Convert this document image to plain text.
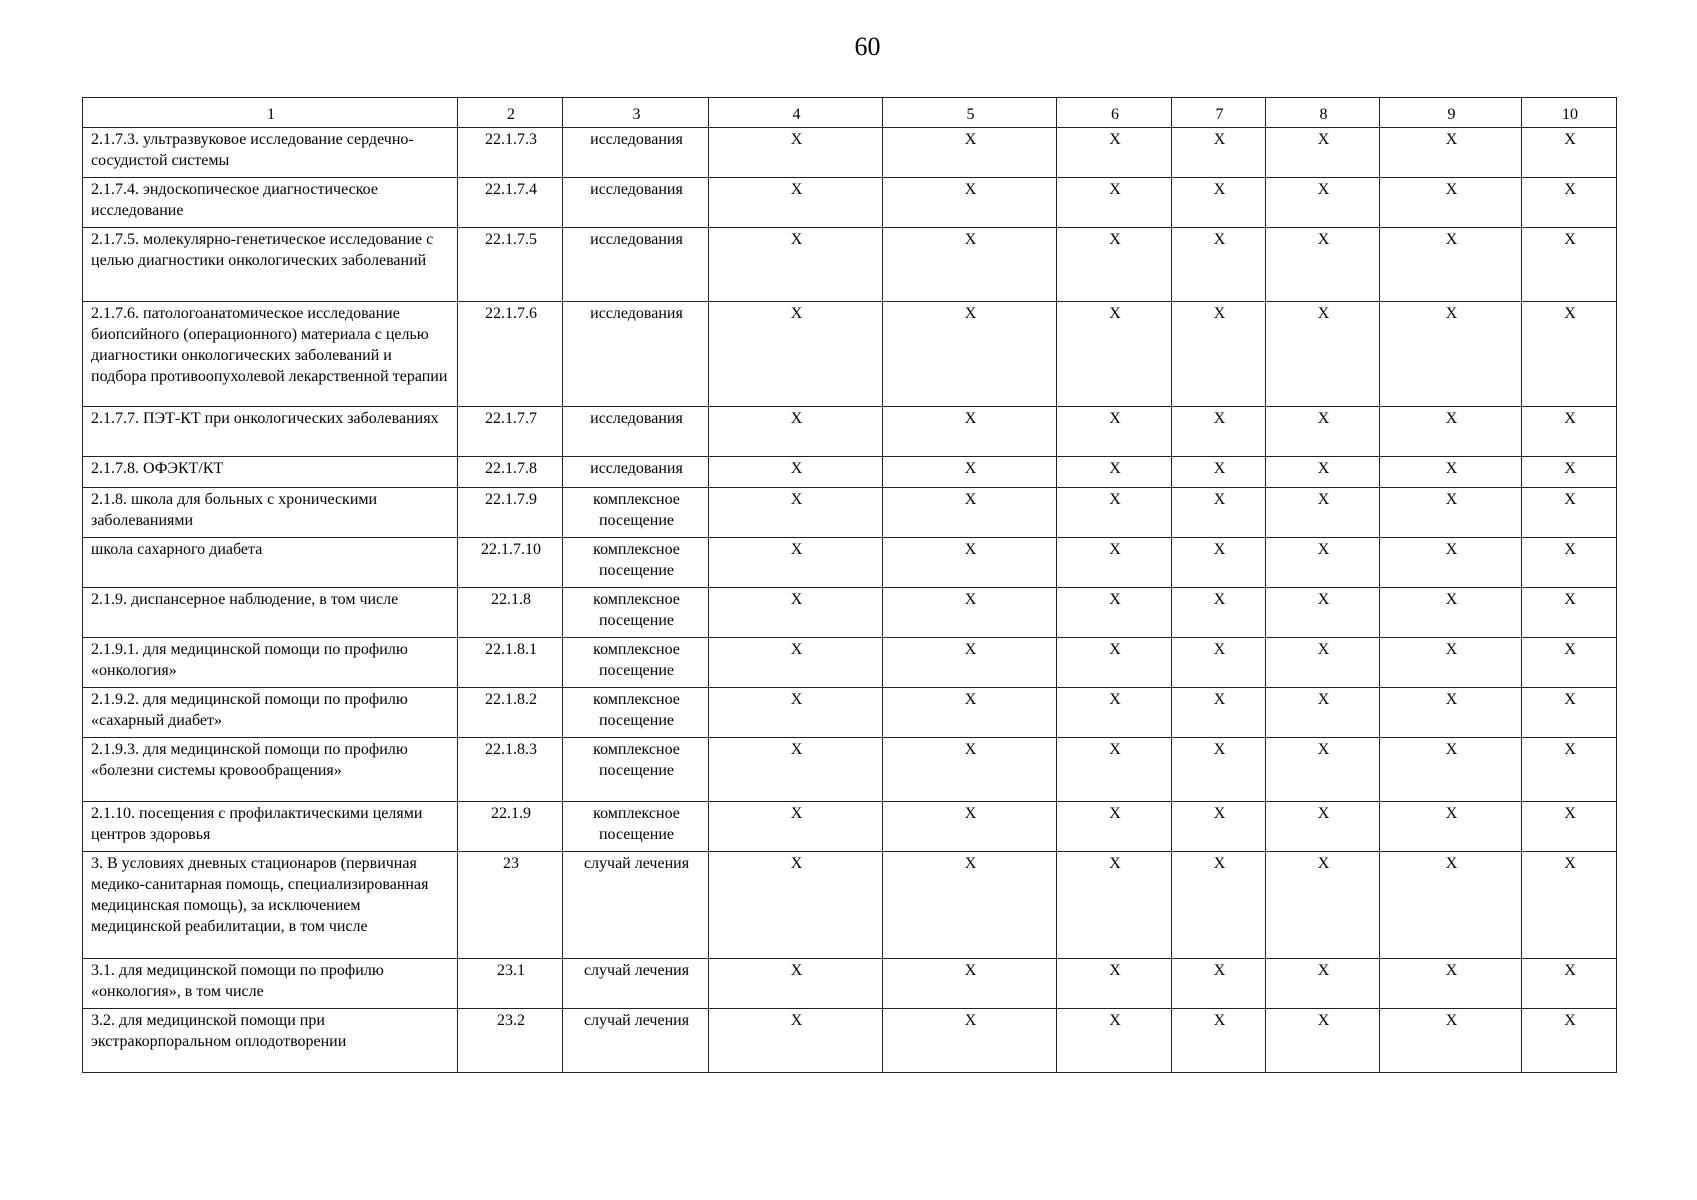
60
1	2	3	4	5	6	7	8	9	10
2.1.7.3. ультразвуковое исследование сердечно-сосудистой системы	22.1.7.3	исследования	X	X	X	X	X	X	X
2.1.7.4. эндоскопическое диагностическое исследование	22.1.7.4	исследования	X	X	X	X	X	X	X
2.1.7.5. молекулярно-генетическое исследование с целью диагностики онкологических заболеваний	22.1.7.5	исследования	X	X	X	X	X	X	X
2.1.7.6. патологоанатомическое исследование биопсийного (операционного) материала с целью диагностики онкологических заболеваний и подбора противоопухолевой лекарственной терапии	22.1.7.6	исследования	X	X	X	X	X	X	X
2.1.7.7. ПЭТ-КТ при онкологических заболеваниях	22.1.7.7	исследования	X	X	X	X	X	X	X
2.1.7.8. ОФЭКТ/КТ	22.1.7.8	исследования	X	X	X	X	X	X	X
2.1.8. школа для больных с хроническими заболеваниями	22.1.7.9	комплексное посещение	X	X	X	X	X	X	X
школа сахарного диабета	22.1.7.10	комплексное посещение	X	X	X	X	X	X	X
2.1.9. диспансерное наблюдение, в том числе	22.1.8	комплексное посещение	X	X	X	X	X	X	X
2.1.9.1. для медицинской помощи по профилю «онкология»	22.1.8.1	комплексное посещение	X	X	X	X	X	X	X
2.1.9.2. для медицинской помощи по профилю «сахарный диабет»	22.1.8.2	комплексное посещение	X	X	X	X	X	X	X
2.1.9.3. для медицинской помощи по профилю «болезни системы кровообращения»	22.1.8.3	комплексное посещение	X	X	X	X	X	X	X
2.1.10. посещения с профилактическими целями центров здоровья	22.1.9	комплексное посещение	X	X	X	X	X	X	X
3. В условиях дневных стационаров (первичная медико-санитарная помощь, специализированная медицинская помощь), за исключением медицинской реабилитации, в том числе	23	случай лечения	X	X	X	X	X	X	X
3.1. для медицинской помощи по профилю «онкология», в том числе	23.1	случай лечения	X	X	X	X	X	X	X
3.2. для медицинской помощи при экстракорпоральном оплодотворении	23.2	случай лечения	X	X	X	X	X	X	X
